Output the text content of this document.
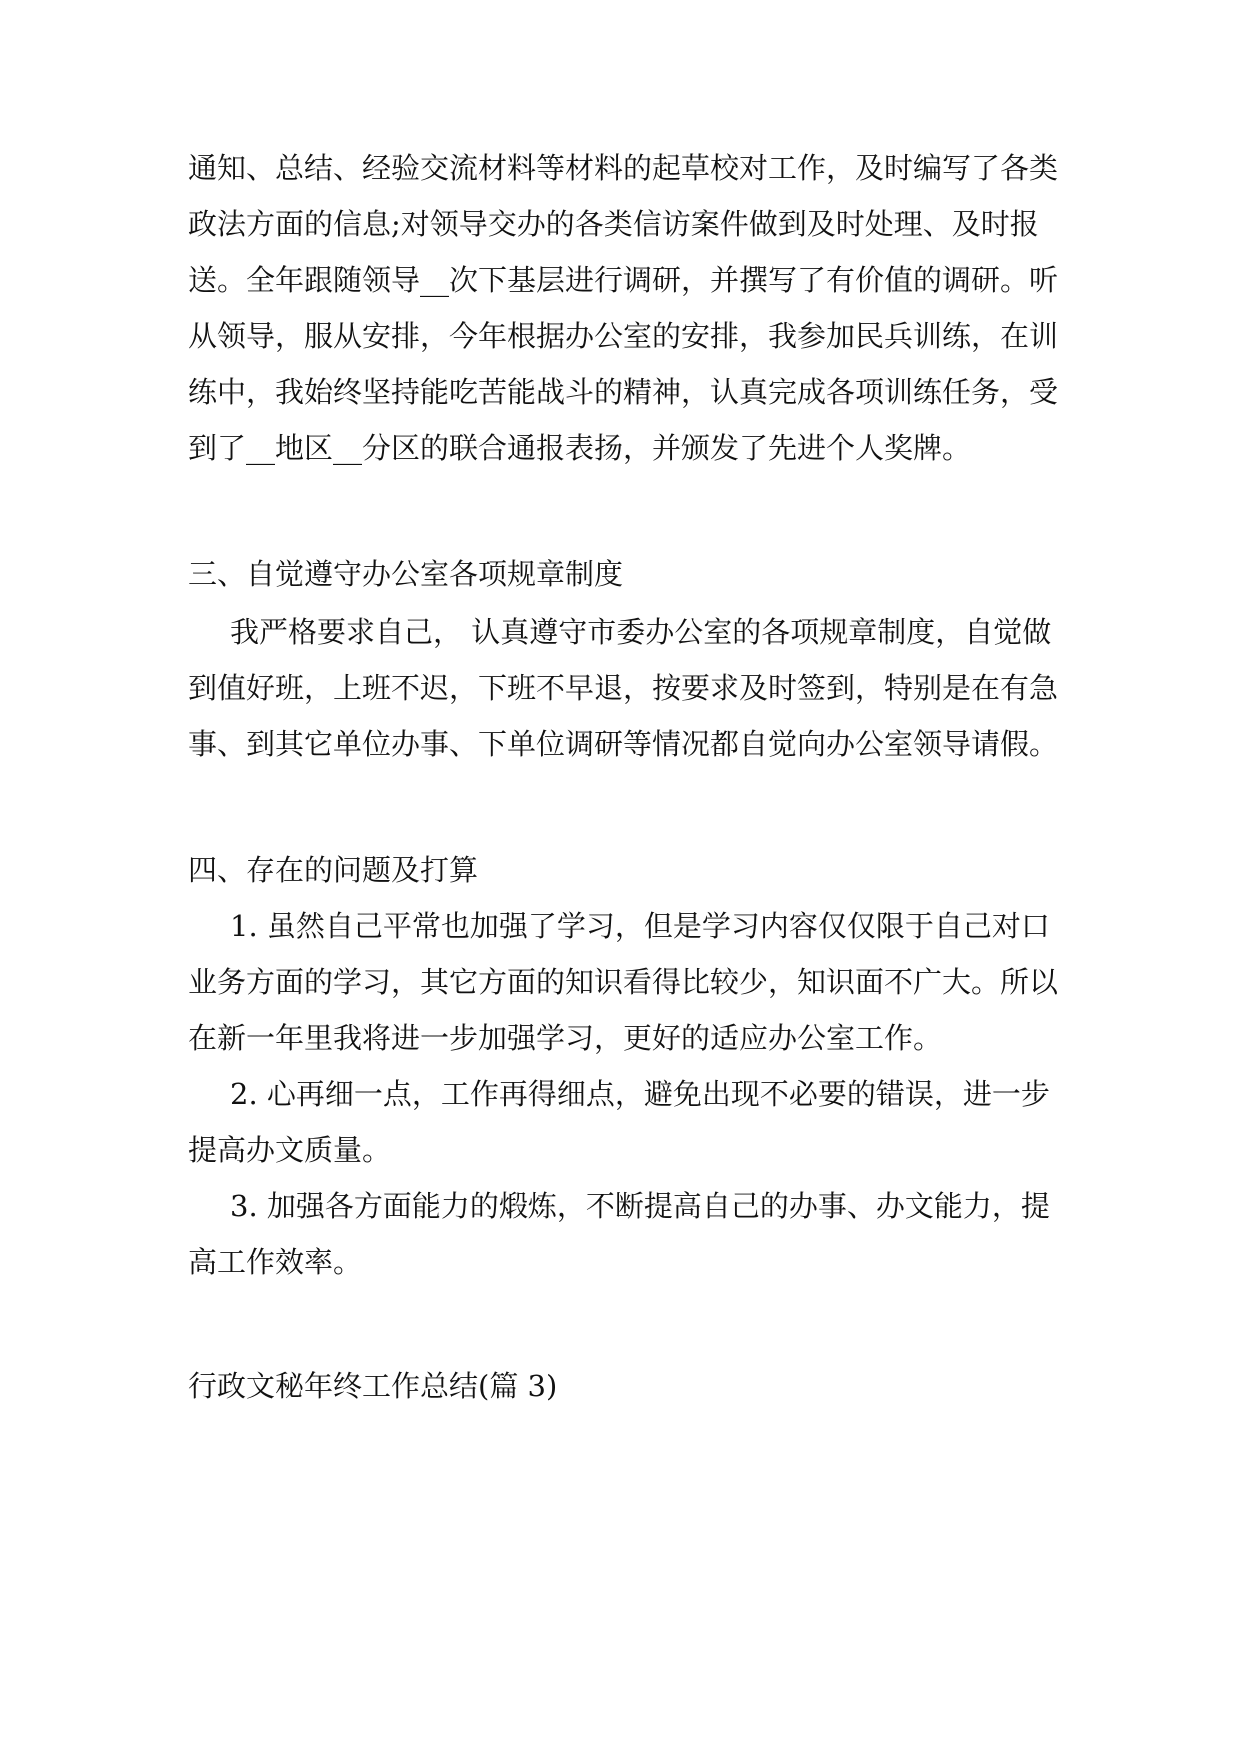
通知、总结、经验交流材料等材料的起草校对工作，及时编写了各类
政法方面的信息;对领导交办的各类信访案件做到及时处理、及时报
送。全年跟随领导__次下基层进行调研，并撰写了有价值的调研。听
从领导，服从安排，今年根据办公室的安排，我参加民兵训练，在训
练中，我始终坚持能吃苦能战斗的精神，认真完成各项训练任务，受
到了__地区__分区的联合通报表扬，并颁发了先进个人奖牌。
三、自觉遵守办公室各项规章制度
我严格要求自己， 认真遵守市委办公室的各项规章制度，自觉做
到值好班，上班不迟，下班不早退，按要求及时签到，特别是在有急
事、到其它单位办事、下单位调研等情况都自觉向办公室领导请假。
四、存在的问题及打算
1. 虽然自己平常也加强了学习，但是学习内容仅仅限于自己对口
业务方面的学习，其它方面的知识看得比较少，知识面不广大。所以
在新一年里我将进一步加强学习，更好的适应办公室工作。
2. 心再细一点，工作再得细点，避免出现不必要的错误，进一步
提高办文质量。
3. 加强各方面能力的煅炼，不断提高自己的办事、办文能力，提
高工作效率。
行政文秘年终工作总结(篇 3)
